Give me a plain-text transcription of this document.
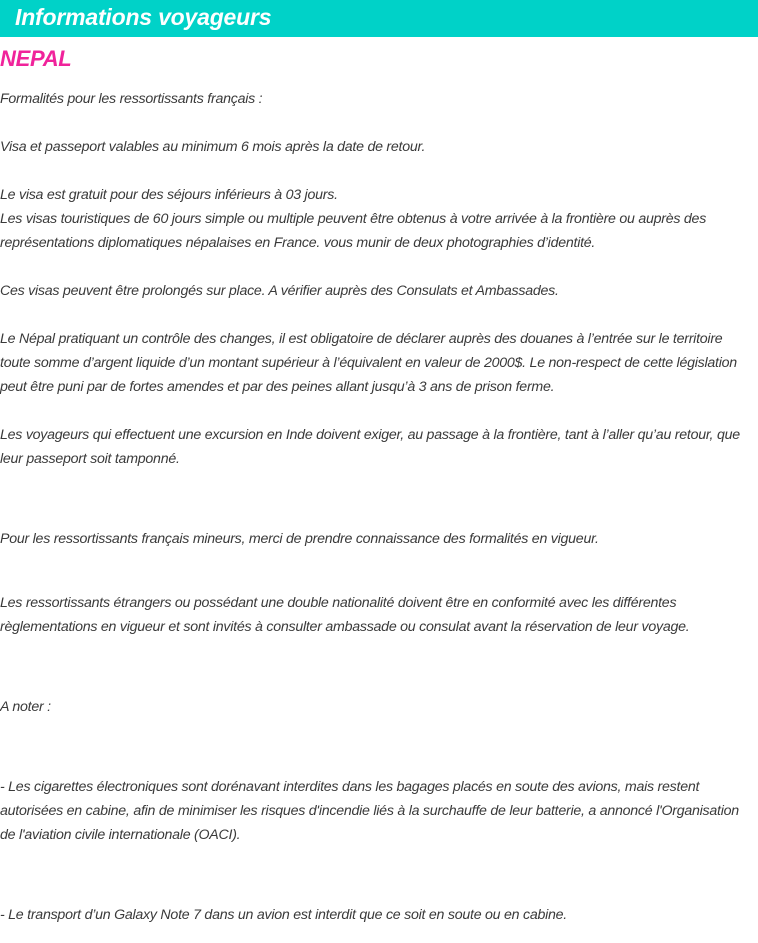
Informations voyageurs
NEPAL

Formalités pour les ressortissants français :

Visa et passeport valables au minimum 6 mois après la date de retour.

Le visa est gratuit pour des séjours inférieurs à 03 jours.

Les visas touristiques de 60 jours simple ou multiple peuvent être obtenus à votre arrivée à la frontière ou auprès des représentations diplomatiques népalaises en France. vous munir de deux photographies d’identité.

Ces visas peuvent être prolongés sur place. A vérifier auprès des Consulats et Ambassades.

Le Népal pratiquant un contrôle des changes, il est obligatoire de déclarer auprès des douanes à l’entrée sur le territoire toute somme d’argent liquide d’un montant supérieur à l’équivalent en valeur de 2000$. Le non-respect de cette législation peut être puni par de fortes amendes et par des peines allant jusqu’à 3 ans de prison ferme.

Les voyageurs qui effectuent une excursion en Inde doivent exiger, au passage à la frontière, tant à l’aller qu’au retour, que leur passeport soit tamponné.

Pour les ressortissants français mineurs, merci de prendre connaissance des formalités en vigueur.

Les ressortissants étrangers ou possédant une double nationalité doivent être en conformité avec les différentes règlementations en vigueur et sont invités à consulter ambassade ou consulat avant la réservation de leur voyage.

A noter :

- Les cigarettes électroniques sont dorénavant interdites dans les bagages placés en soute des avions, mais restent autorisées en cabine, afin de minimiser les risques d'incendie liés à la surchauffe de leur batterie, a annoncé l'Organisation de l'aviation civile internationale (OACI).

- Le transport d’un Galaxy Note 7 dans un avion est interdit que ce soit en soute ou en cabine.
